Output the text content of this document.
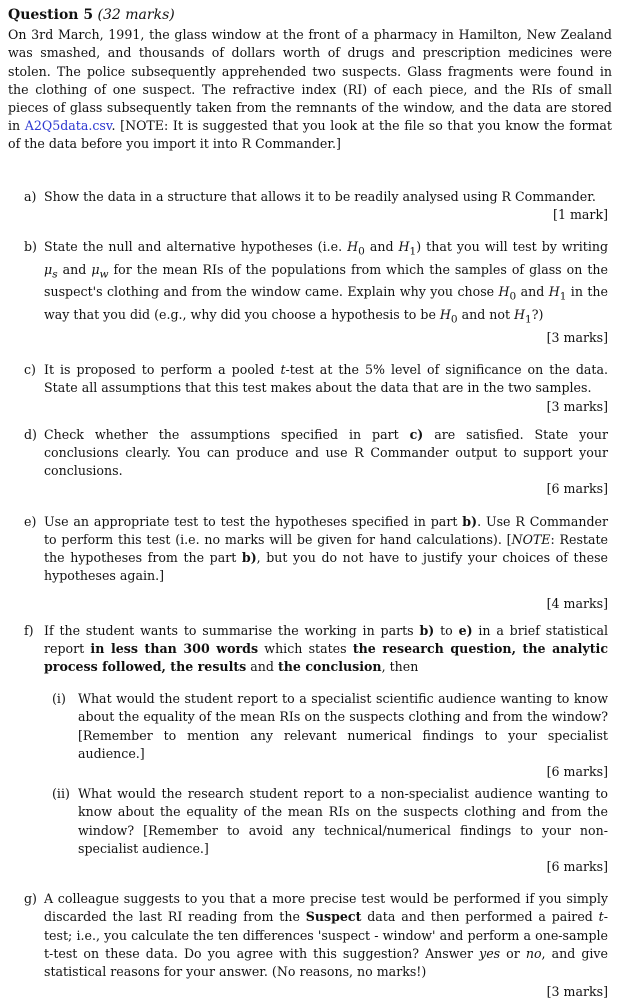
Question 5 (32 marks)

On 3rd March, 1991, the glass window at the front of a pharmacy in Hamilton, New Zealand was smashed, and thousands of dollars worth of drugs and prescription medicines were stolen. The police subsequently apprehended two suspects. Glass fragments were found in the clothing of one suspect. The refractive index (RI) of each piece, and the RIs of small pieces of glass subsequently taken from the remnants of the window, and the data are stored in A2Q5data.csv. [NOTE: It is suggested that you look at the file so that you know the format of the data before you import it into R Commander.]

a) Show the data in a structure that allows it to be readily analysed using R Commander.
[1 mark]
b) State the null and alternative hypotheses (i.e. $H_0$ and $H_1$) that you will test by writing $\mu_s$ and $\mu_w$ for the mean RIs of the populations from which the samples of glass on the suspect's clothing and from the window came. Explain why you chose $H_0$ and $H_1$ in the way that you did (e.g., why did you choose a hypothesis to be $H_0$ and not $H_1$?)
[3 marks]
c) It is proposed to perform a pooled t-test at the 5% level of significance on the data. State all assumptions that this test makes about the data that are in the two samples.
[3 marks]
d) Check whether the assumptions specified in part c) are satisfied. State your conclusions clearly. You can produce and use R Commander output to support your conclusions.
[6 marks]
e) Use an appropriate test to test the hypotheses specified in part b). Use R Commander to perform this test (i.e. no marks will be given for hand calculations). [NOTE: Restate the hypotheses from the part b), but you do not have to justify your choices of these hypotheses again.]
[4 marks]
f) If the student wants to summarise the working in parts b) to e) in a brief statistical report in less than 300 words which states the research question, the analytic process followed, the results and the conclusion, then
(i) What would the student report to a specialist scientific audience wanting to know about the equality of the mean RIs on the suspects clothing and from the window? [Remember to mention any relevant numerical findings to your specialist audience.]
[6 marks]
(ii) What would the research student report to a non-specialist audience wanting to know about the equality of the mean RIs on the suspects clothing and from the window? [Remember to avoid any technical/numerical findings to your non-specialist audience.]
[6 marks]
g) A colleague suggests to you that a more precise test would be performed if you simply discarded the last RI reading from the Suspect data and then performed a paired t-test; i.e., you calculate the ten differences 'suspect - window' and perform a one-sample t-test on these data. Do you agree with this suggestion? Answer yes or no, and give statistical reasons for your answer. (No reasons, no marks!)
[3 marks]
